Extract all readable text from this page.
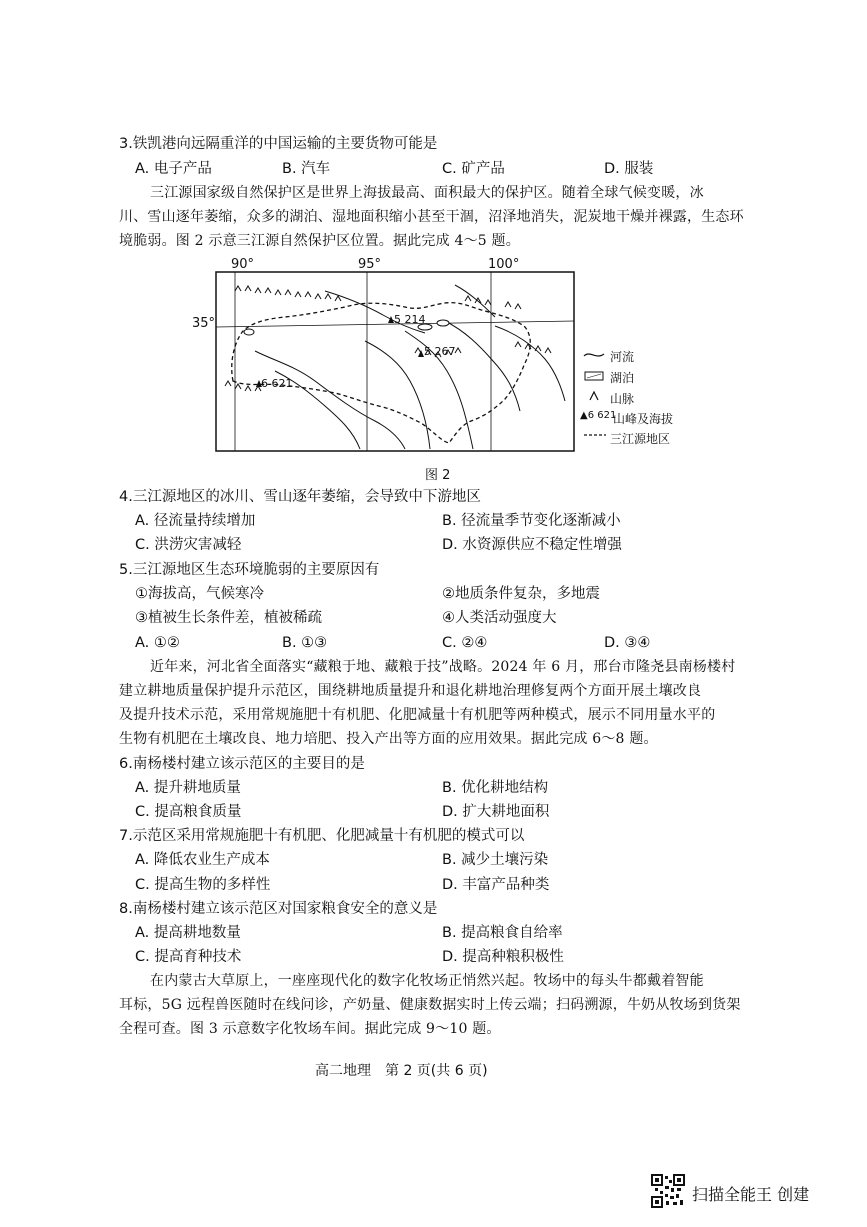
3.铁凯港向远隔重洋的中国运输的主要货物可能是
A. 电子产品	B. 汽车	C. 矿产品	D. 服装
三江源国家级自然保护区是世界上海拔最高、面积最大的保护区。随着全球气候变暖，冰
川、雪山逐年萎缩，众多的湖泊、湿地面积缩小甚至干涸，沼泽地消失，泥炭地干燥并裸露，生态环
境脆弱。图 2 示意三江源自然保护区位置。据此完成 4～5 题。
5 214
5 267
6 621
90°	95°	100°
35°
河流
湖泊
山脉
▲6 621
山峰及海拔
三江源地区
图 2
4.三江源地区的冰川、雪山逐年萎缩，会导致中下游地区
A. 径流量持续增加	B. 径流量季节变化逐渐减小
C. 洪涝灾害减轻	D. 水资源供应不稳定性增强
5.三江源地区生态环境脆弱的主要原因有
①海拔高，气候寒冷	②地质条件复杂，多地震
③植被生长条件差，植被稀疏	④人类活动强度大
A. ①②	B. ①③	C. ②④	D. ③④
近年来，河北省全面落实“藏粮于地、藏粮于技”战略。2024 年 6 月，邢台市隆尧县南杨楼村
建立耕地质量保护提升示范区，围绕耕地质量提升和退化耕地治理修复两个方面开展土壤改良
及提升技术示范，采用常规施肥十有机肥、化肥减量十有机肥等两种模式，展示不同用量水平的
生物有机肥在土壤改良、地力培肥、投入产出等方面的应用效果。据此完成 6～8 题。
6.南杨楼村建立该示范区的主要目的是
A. 提升耕地质量	B. 优化耕地结构
C. 提高粮食质量	D. 扩大耕地面积
7.示范区采用常规施肥十有机肥、化肥减量十有机肥的模式可以
A. 降低农业生产成本	B. 减少土壤污染
C. 提高生物的多样性	D. 丰富产品种类
8.南杨楼村建立该示范区对国家粮食安全的意义是
A. 提高耕地数量	B. 提高粮食自给率
C. 提高育种技术	D. 提高种粮积极性
在内蒙古大草原上，一座座现代化的数字化牧场正悄然兴起。牧场中的每头牛都戴着智能
耳标，5G 远程兽医随时在线问诊，产奶量、健康数据实时上传云端；扫码溯源，牛奶从牧场到货架
全程可查。图 3 示意数字化牧场车间。据此完成 9～10 题。
高二地理　第 2 页(共 6 页)
扫描全能王 创建
